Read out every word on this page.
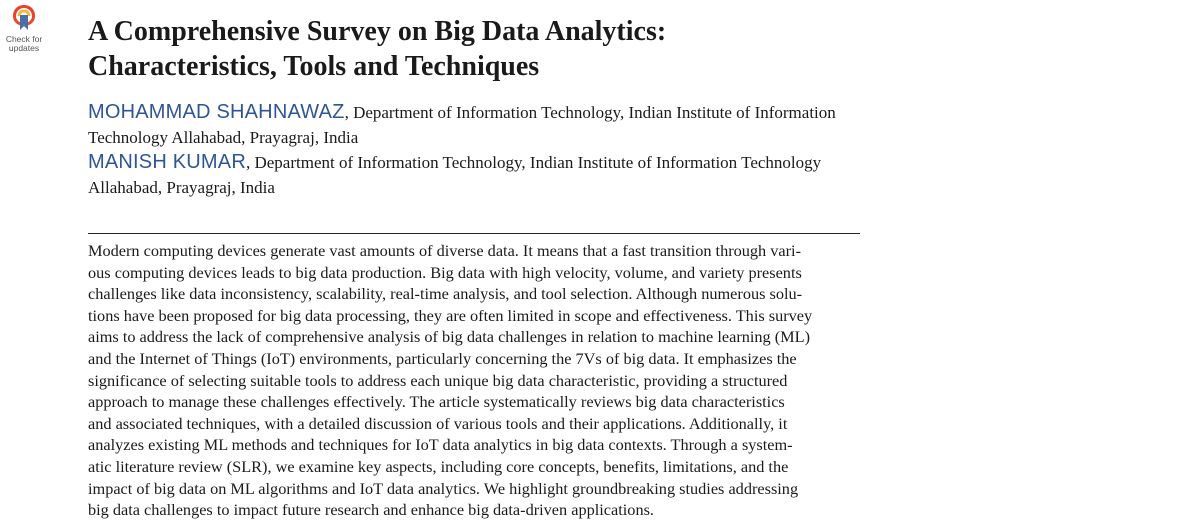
Check for
updates
A Comprehensive Survey on Big Data Analytics:
Characteristics, Tools and Techniques
MOHAMMAD SHAHNAWAZ, Department of Information Technology, Indian Institute of Information
Technology Allahabad, Prayagraj, India
MANISH KUMAR, Department of Information Technology, Indian Institute of Information Technology
Allahabad, Prayagraj, India

Modern computing devices generate vast amounts of diverse data. It means that a fast transition through vari-
ous computing devices leads to big data production. Big data with high velocity, volume, and variety presents
challenges like data inconsistency, scalability, real-time analysis, and tool selection. Although numerous solu-
tions have been proposed for big data processing, they are often limited in scope and effectiveness. This survey
aims to address the lack of comprehensive analysis of big data challenges in relation to machine learning (ML)
and the Internet of Things (IoT) environments, particularly concerning the 7Vs of big data. It emphasizes the
significance of selecting suitable tools to address each unique big data characteristic, providing a structured
approach to manage these challenges effectively. The article systematically reviews big data characteristics
and associated techniques, with a detailed discussion of various tools and their applications. Additionally, it
analyzes existing ML methods and techniques for IoT data analytics in big data contexts. Through a system-
atic literature review (SLR), we examine key aspects, including core concepts, benefits, limitations, and the
impact of big data on ML algorithms and IoT data analytics. We highlight groundbreaking studies addressing
big data challenges to impact future research and enhance big data-driven applications.
